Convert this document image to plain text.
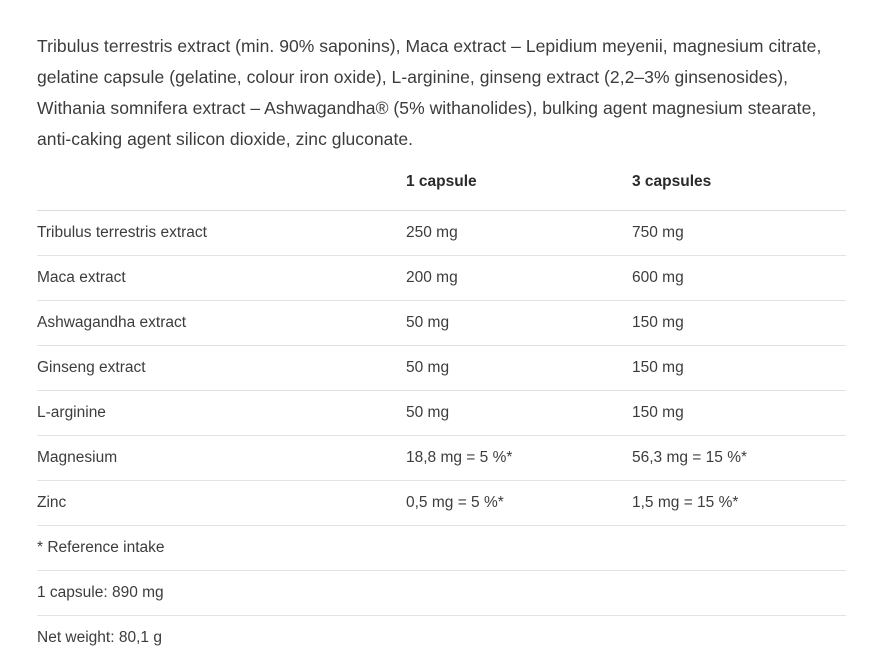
Tribulus terrestris extract (min. 90% saponins), Maca extract – Lepidium meyenii, magnesium citrate, gelatine capsule (gelatine, colour iron oxide), L-arginine, ginseng extract (2,2–3% ginsenosides), Withania somnifera extract – Ashwagandha® (5% withanolides), bulking agent magnesium stearate, anti-caking agent silicon dioxide, zinc gluconate.

	1 capsule	3 capsules
Tribulus terrestris extract	250 mg	750 mg
Maca extract	200 mg	600 mg
Ashwagandha extract	50 mg	150 mg
Ginseng extract	50 mg	150 mg
L-arginine	50 mg	150 mg
Magnesium	18,8 mg = 5 %*	56,3 mg = 15 %*
Zinc	0,5 mg = 5 %*	1,5 mg = 15 %*
* Reference intake		
1 capsule: 890 mg		
Net weight: 80,1 g		
